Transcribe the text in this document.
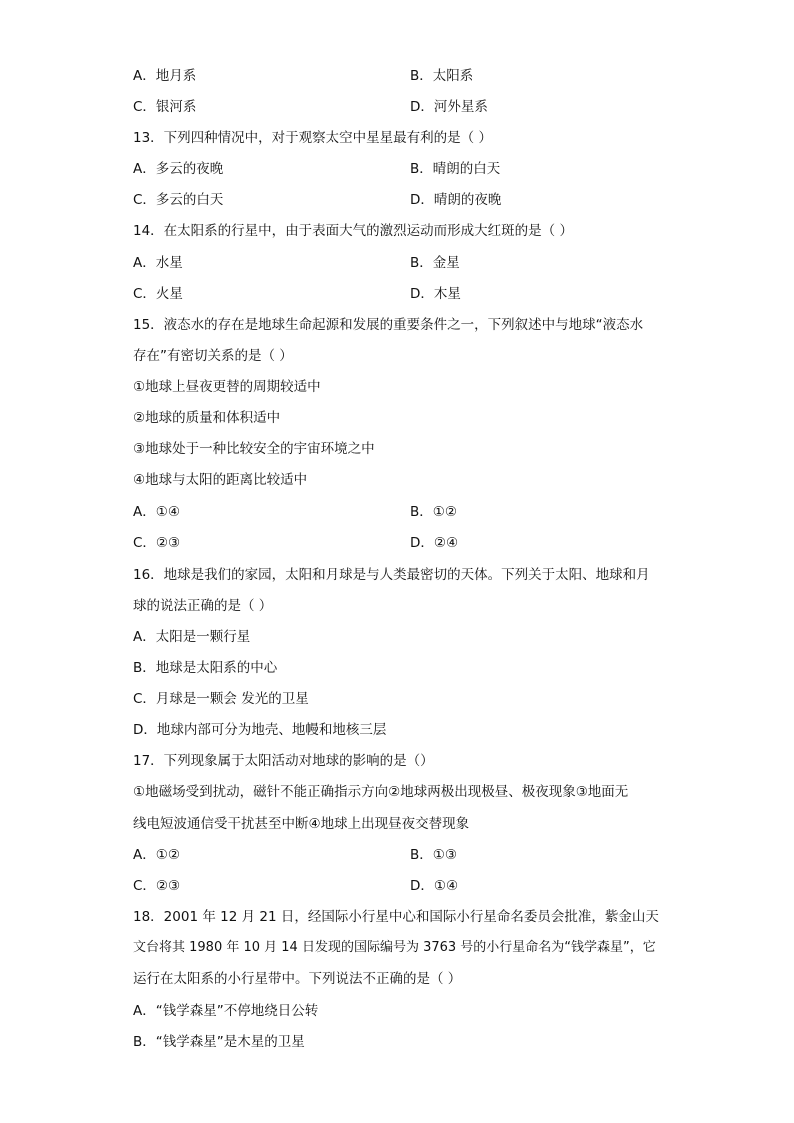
A．地月系	B．太阳系
C．银河系	D．河外星系
13．下列四种情况中，对于观察太空中星星最有利的是（ ）
A．多云的夜晚	B．晴朗的白天
C．多云的白天	D．晴朗的夜晚
14．在太阳系的行星中，由于表面大气的激烈运动而形成大红斑的是（ ）
A．水星	B．金星
C．火星	D．木星
15．液态水的存在是地球生命起源和发展的重要条件之一，下列叙述中与地球“液态水
存在”有密切关系的是（ ）
①地球上昼夜更替的周期较适中
②地球的质量和体积适中
③地球处于一种比较安全的宇宙环境之中
④地球与太阳的距离比较适中
A．①④	B．①②
C．②③	D．②④
16．地球是我们的家园，太阳和月球是与人类最密切的天体。下列关于太阳、地球和月
球的说法正确的是（ ）
A．太阳是一颗行星
B．地球是太阳系的中心
C．月球是一颗会 发光的卫星
D．地球内部可分为地壳、地幔和地核三层
17．下列现象属于太阳活动对地球的影响的是（）
①地磁场受到扰动，磁针不能正确指示方向②地球两极出现极昼、极夜现象③地面无
线电短波通信受干扰甚至中断④地球上出现昼夜交替现象
A．①②	B．①③
C．②③	D．①④
18．2001 年 12 月 21 日，经国际小行星中心和国际小行星命名委员会批准，紫金山天
文台将其 1980 年 10 月 14 日发现的国际编号为 3763 号的小行星命名为“钱学森星”，它
运行在太阳系的小行星带中。下列说法不正确的是（ ）
A．“钱学森星”不停地绕日公转
B．“钱学森星”是木星的卫星
